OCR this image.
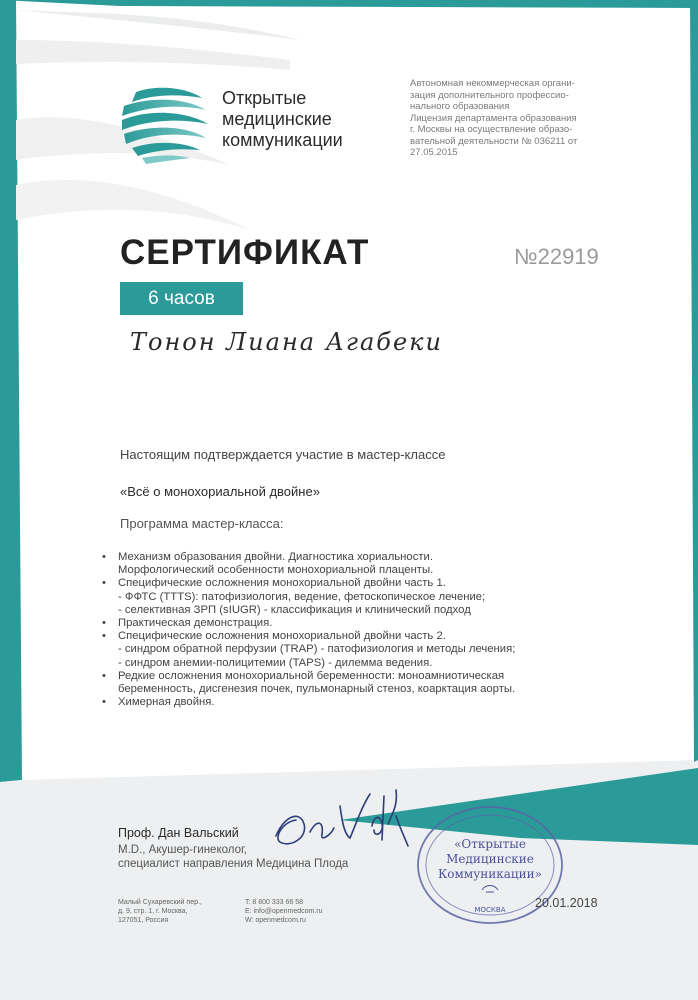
Открытые
медицинские
коммуникации
Автономная некоммерческая органи-
зация дополнительного профессио-
нального образования
Лицензия департамента образования
г. Москвы на осуществление образо-
вательной деятельности № 036211 от
27.05.2015
СЕРТИФИКАТ	№22919
6 часов
Тонон Лиана Агабеки
Настоящим подтверждается участие в мастер-классе
«Всё о монохориальной двойне»
Программа мастер-класса:
• Механизм образования двойни. Диагностика хориальности.
Морфологический особенности монохориальной плаценты.
• Специфические осложнения монохориальной двойни часть 1.
- ФФТС (TTTS): патофизиология, ведение, фетоскопическое лечение;
- селективная ЗРП (sIUGR) - классификация и клинический подход
• Практическая демонстрация.
• Специфические осложнения монохориальной двойни часть 2.
- синдром обратной перфузии (TRAP) - патофизиология и методы лечения;
- синдром анемии-полицитемии (TAPS) - дилемма ведения.
• Редкие осложнения монохориальной беременности: моноамниотическая
беременность, дисгенезия почек, пульмонарный стеноз, коарктация аорты.
• Химерная двойня.
Проф. Дан Вальский
M.D., Акушер-гинеколог,
специалист направления Медицина Плода
«Открытые
Медицинские
Коммуникации»
МОСКВА
Малый Сухаревский пер.,
д. 9, стр. 1, г. Москва,
127051, Россия
T: 8 800 333 66 58
E: info@openmedcom.ru
W: openmedcom.ru
20.01.2018
